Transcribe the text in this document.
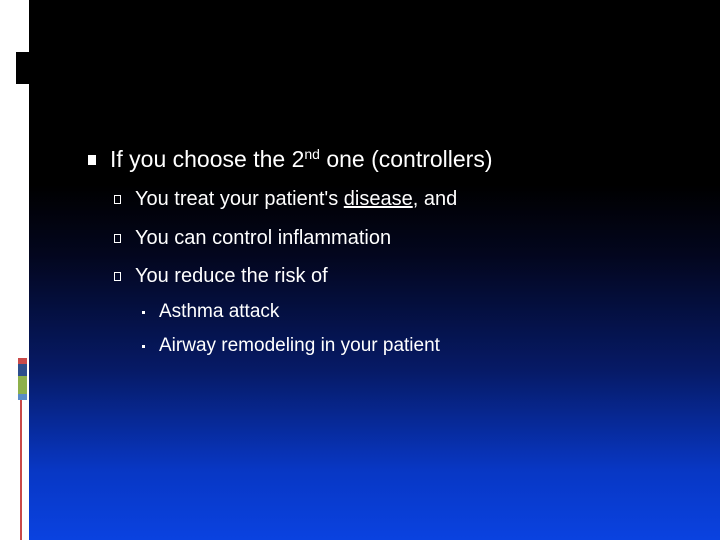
If you choose the 2nd one (controllers)
You treat your patient's disease, and
You can control inflammation
You reduce the risk of
Asthma attack
Airway remodeling in your patient
